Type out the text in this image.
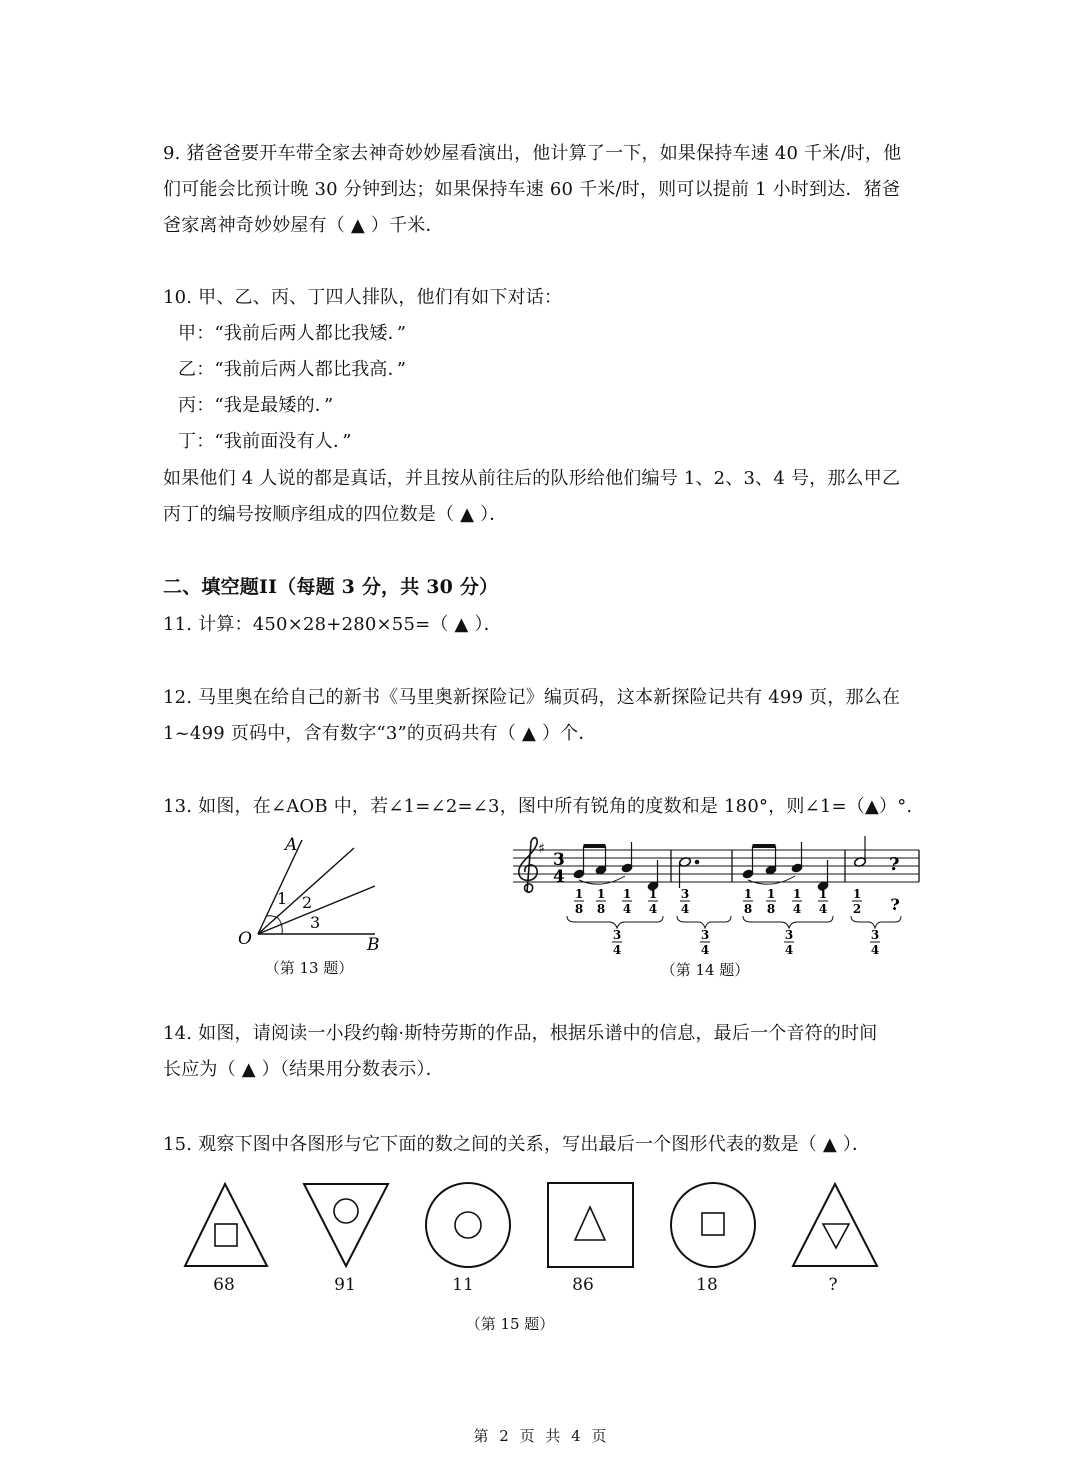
9. 猪爸爸要开车带全家去神奇妙妙屋看演出，他计算了一下，如果保持车速 40 千米/时，他
们可能会比预计晚 30 分钟到达；如果保持车速 60 千米/时，则可以提前 1 小时到达．猪爸
爸家离神奇妙妙屋有（ ▲ ）千米．
10. 甲、乙、丙、丁四人排队，他们有如下对话：
甲：“我前后两人都比我矮．”
乙：“我前后两人都比我高．”
丙：“我是最矮的．”
丁：“我前面没有人．”
如果他们 4 人说的都是真话，并且按从前往后的队形给他们编号 1、2、3、4 号，那么甲乙
丙丁的编号按顺序组成的四位数是（ ▲ ）．
二、填空题II（每题 3 分，共 30 分）
11. 计算：450×28+280×55=（ ▲ ）．
12. 马里奥在给自己的新书《马里奥新探险记》编页码，这本新探险记共有 499 页，那么在
1~499 页码中，含有数字“3”的页码共有（ ▲ ）个．
13. 如图，在∠AOB 中，若∠1=∠2=∠3，图中所有锐角的度数和是 180°，则∠1=（▲）°.
A
O	B
1 2
3
（第 13 题）
♯
3
4
?
1
8
1
8
1
4
1
4
3
4
1
8
1
8
1
4
1
4
1
2 ?
3
4
3
4
3
4
3
4
（第 14 题）
14. 如图，请阅读一小段约翰·斯特劳斯的作品，根据乐谱中的信息，最后一个音符的时间
长应为（ ▲ ）（结果用分数表示）．
15. 观察下图中各图形与它下面的数之间的关系，写出最后一个图形代表的数是（ ▲ ）．
68	91	11	86	18	?
（第 15 题）
第 2 页 共 4 页
